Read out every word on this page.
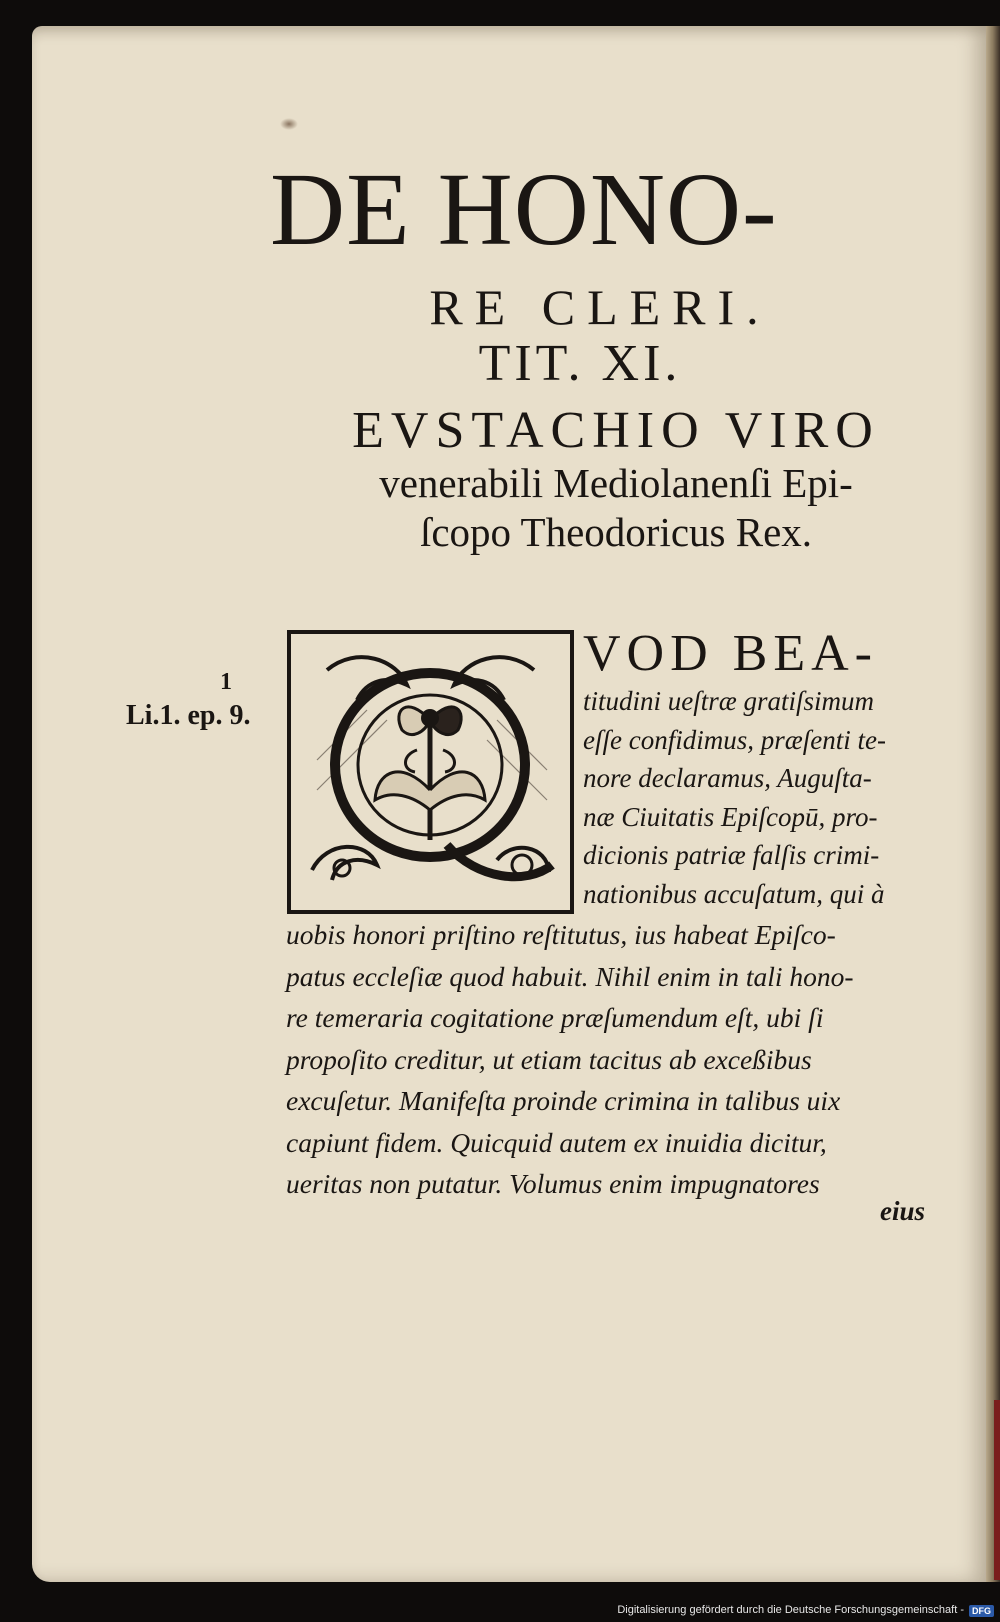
DE HONO-
RE CLERI.
TIT. XI.
EVSTACHIO VIRO
venerabili Mediolanenſi Epi-
ſcopo Theodoricus Rex.
1
Li.1. ep. 9.
VOD BEA-
titudini ueſtræ gratiſsimum
eſſe confidimus, præſenti te-
nore declaramus, Auguſta-
næ Ciuitatis Epiſcopū, pro-
dicionis patriæ falſis crimi-
nationibus accuſatum, qui à
uobis honori priſtino reſtitutus, ius habeat Epiſco-
patus eccleſiæ quod habuit. Nihil enim in tali hono-
re temeraria cogitatione præſumendum eſt, ubi ſi
propoſito creditur, ut etiam tacitus ab exceßibus
excuſetur. Manifeſta proinde crimina in talibus uix
capiunt fidem. Quicquid autem ex inuidia dicitur,
ueritas non putatur. Volumus enim impugnatores
eius
Digitalisierung gefördert durch die Deutsche Forschungsgemeinschaft - DFG
